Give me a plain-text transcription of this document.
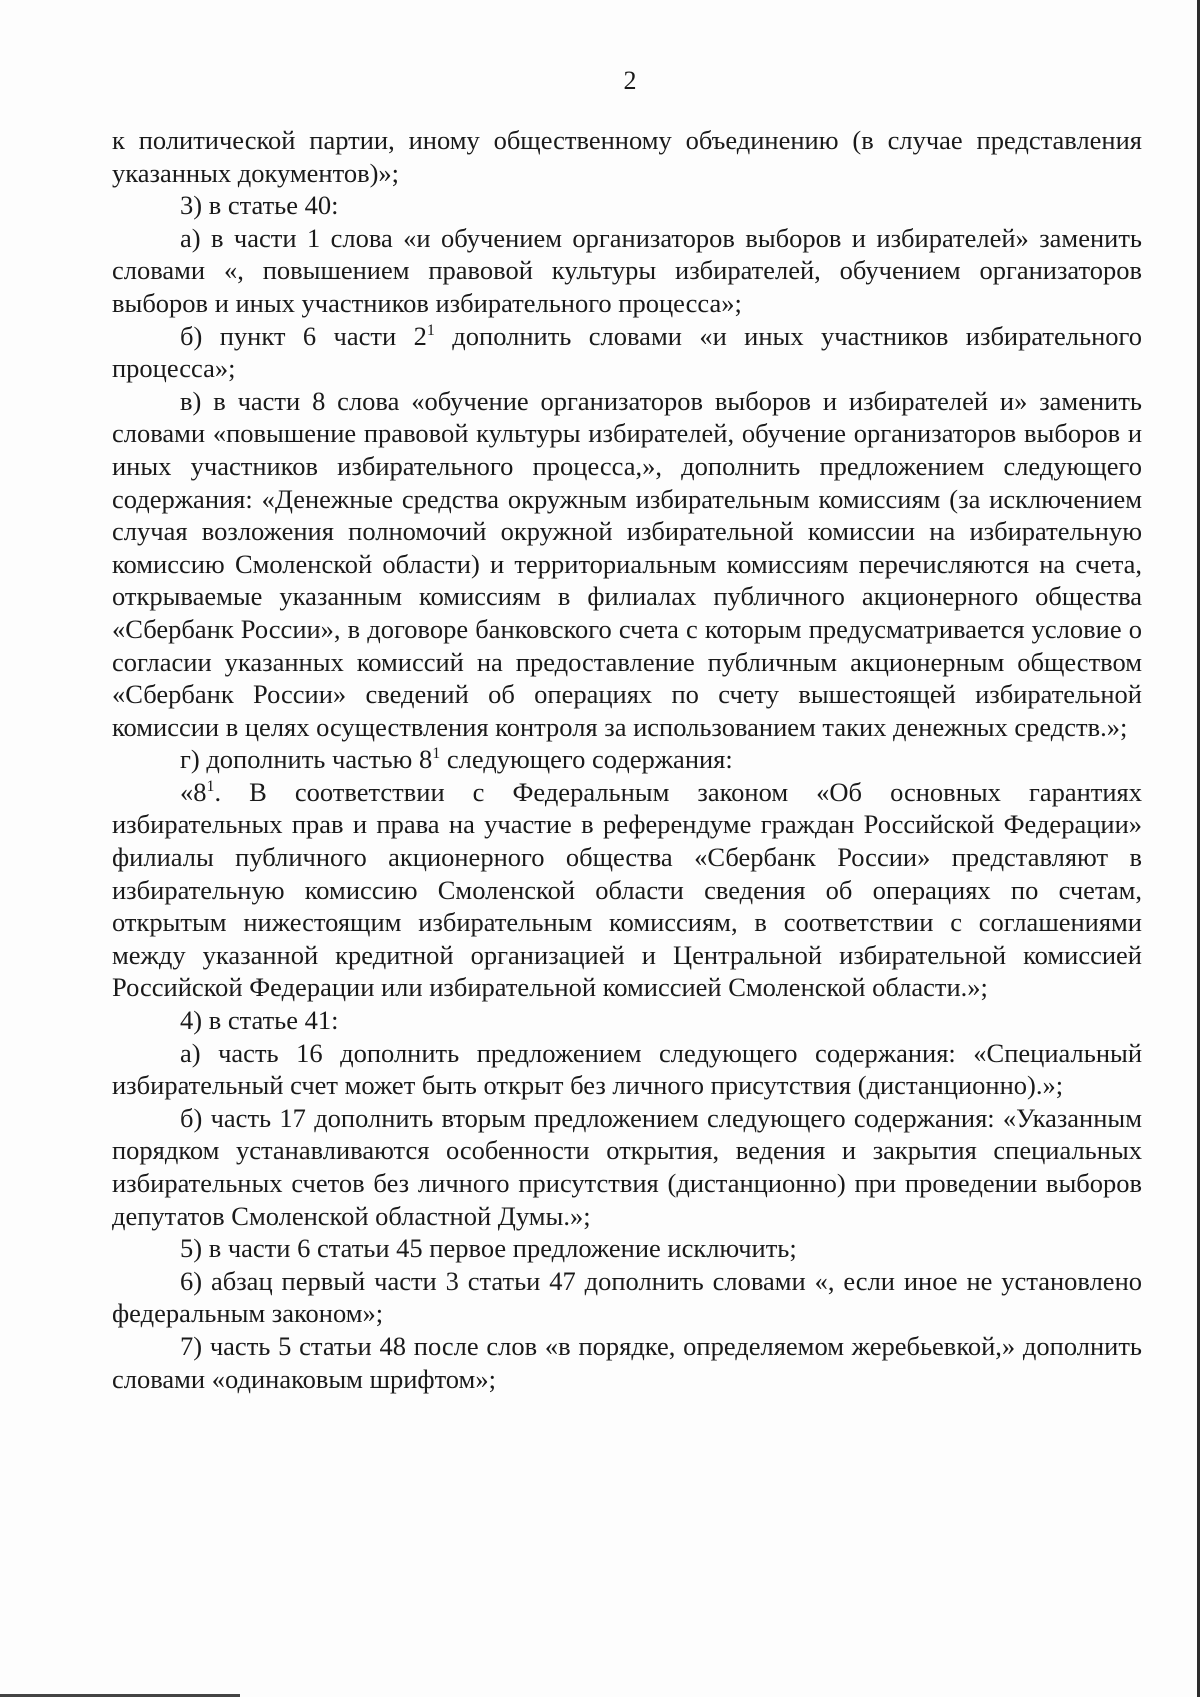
2

к политической партии, иному общественному объединению (в случае представления указанных документов)»;

3) в статье 40:

а) в части 1 слова «и обучением организаторов выборов и избирателей» заменить словами «, повышением правовой культуры избирателей, обучением организаторов выборов и иных участников избирательного процесса»;

б) пункт 6 части $2^1$ дополнить словами «и иных участников избирательного процесса»;

в) в части 8 слова «обучение организаторов выборов и избирателей и» заменить словами «повышение правовой культуры избирателей, обучение организаторов выборов и иных участников избирательного процесса,», дополнить предложением следующего содержания: «Денежные средства окружным избирательным комиссиям (за исключением случая возложения полномочий окружной избирательной комиссии на избирательную комиссию Смоленской области) и территориальным комиссиям перечисляются на счета, открываемые указанным комиссиям в филиалах публичного акционерного общества «Сбербанк России», в договоре банковского счета с которым предусматривается условие о согласии указанных комиссий на предоставление публичным акционерным обществом «Сбербанк России» сведений об операциях по счету вышестоящей избирательной комиссии в целях осуществления контроля за использованием таких денежных средств.»;

г) дополнить частью $8^1$ следующего содержания:

«$8^1$. В соответствии с Федеральным законом «Об основных гарантиях избирательных прав и права на участие в референдуме граждан Российской Федерации» филиалы публичного акционерного общества «Сбербанк России» представляют в избирательную комиссию Смоленской области сведения об операциях по счетам, открытым нижестоящим избирательным комиссиям, в соответствии с соглашениями между указанной кредитной организацией и Центральной избирательной комиссией Российской Федерации или избирательной комиссией Смоленской области.»;

4) в статье 41:

а) часть 16 дополнить предложением следующего содержания: «Специальный избирательный счет может быть открыт без личного присутствия (дистанционно).»;

б) часть 17 дополнить вторым предложением следующего содержания: «Указанным порядком устанавливаются особенности открытия, ведения и закрытия специальных избирательных счетов без личного присутствия (дистанционно) при проведении выборов депутатов Смоленской областной Думы.»;

5) в части 6 статьи 45 первое предложение исключить;

6) абзац первый части 3 статьи 47 дополнить словами «, если иное не установлено федеральным законом»;

7) часть 5 статьи 48 после слов «в порядке, определяемом жеребьевкой,» дополнить словами «одинаковым шрифтом»;
